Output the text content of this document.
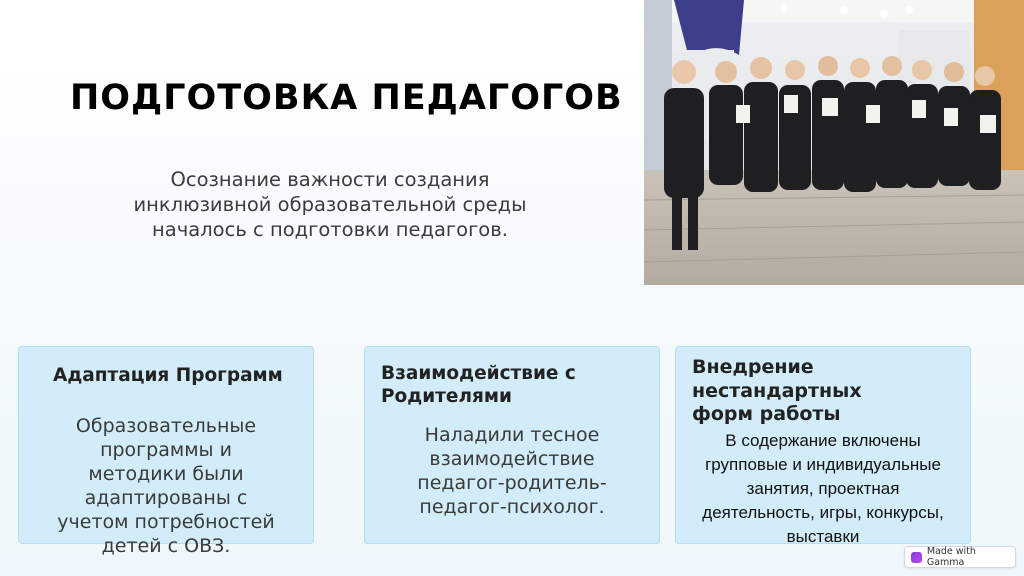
ПОДГОТОВКА ПЕДАГОГОВ
Осознание важности создания
инклюзивной образовательной среды
началось с подготовки педагогов.
Адаптация Программ
Образовательные
программы и
методики были
адаптированы с
учетом потребностей
детей с ОВЗ.
Взаимодействие с
Родителями
Наладили тесное
взаимодействие
педагог-родитель-
педагог-психолог.
Внедрение
нестандартных
форм работы
В содержание включены
групповые и индивидуальные
занятия, проектная
деятельность, игры, конкурсы,
выставки
Made with Gamma
